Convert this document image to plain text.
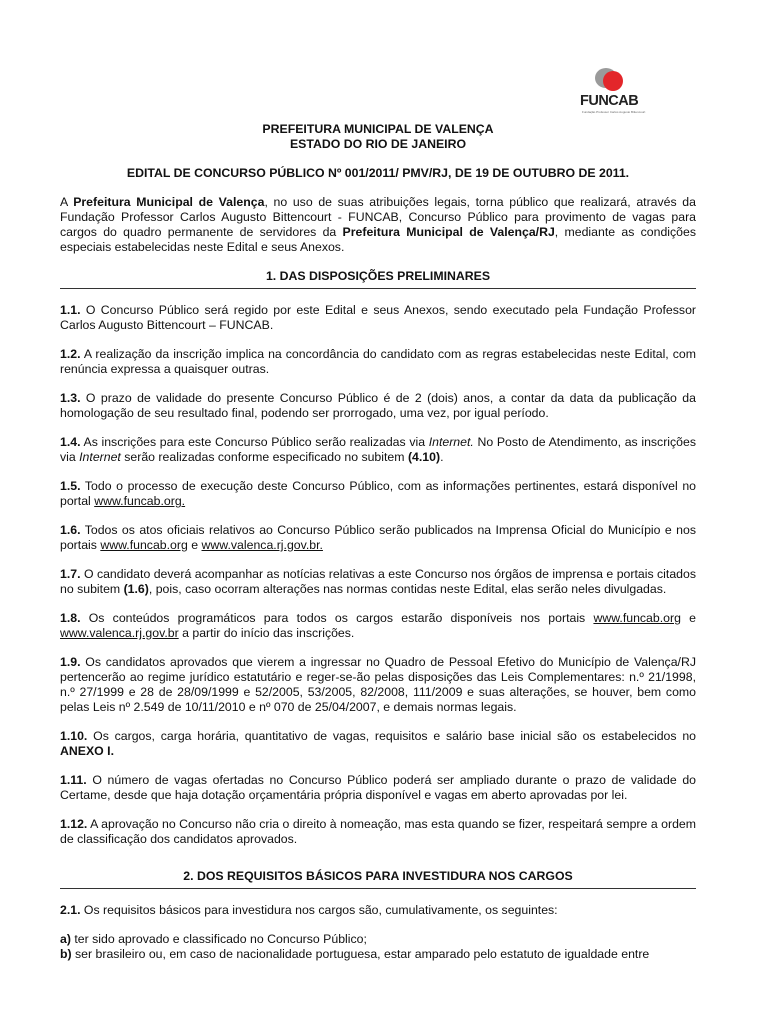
FUNCAB
Fundação Professor Carlos Augusto Bittencourt
PREFEITURA MUNICIPAL DE VALENÇA
ESTADO DO RIO DE JANEIRO
EDITAL DE CONCURSO PÚBLICO Nº 001/2011/ PMV/RJ, DE 19 DE OUTUBRO DE 2011.

A Prefeitura Municipal de Valença, no uso de suas atribuições legais, torna público que realizará, através da Fundação Professor Carlos Augusto Bittencourt - FUNCAB, Concurso Público para provimento de vagas para cargos do quadro permanente de servidores da Prefeitura Municipal de Valença/RJ, mediante as condições especiais estabelecidas neste Edital e seus Anexos.

1. DAS DISPOSIÇÕES PRELIMINARES

1.1. O Concurso Público será regido por este Edital e seus Anexos, sendo executado pela Fundação Professor Carlos Augusto Bittencourt – FUNCAB.

1.2. A realização da inscrição implica na concordância do candidato com as regras estabelecidas neste Edital, com renúncia expressa a quaisquer outras.

1.3. O prazo de validade do presente Concurso Público é de 2 (dois) anos, a contar da data da publicação da homologação de seu resultado final, podendo ser prorrogado, uma vez, por igual período.

1.4. As inscrições para este Concurso Público serão realizadas via Internet. No Posto de Atendimento, as inscrições via Internet serão realizadas conforme especificado no subitem (4.10).

1.5. Todo o processo de execução deste Concurso Público, com as informações pertinentes, estará disponível no portal www.funcab.org.

1.6. Todos os atos oficiais relativos ao Concurso Público serão publicados na Imprensa Oficial do Município e nos portais www.funcab.org e www.valenca.rj.gov.br.

1.7. O candidato deverá acompanhar as notícias relativas a este Concurso nos órgãos de imprensa e portais citados no subitem (1.6), pois, caso ocorram alterações nas normas contidas neste Edital, elas serão neles divulgadas.

1.8. Os conteúdos programáticos para todos os cargos estarão disponíveis nos portais www.funcab.org e www.valenca.rj.gov.br a partir do início das inscrições.

1.9. Os candidatos aprovados que vierem a ingressar no Quadro de Pessoal Efetivo do Município de Valença/RJ pertencerão ao regime jurídico estatutário e reger-se-ão pelas disposições das Leis Complementares: n.º 21/1998, n.º 27/1999 e 28 de 28/09/1999 e 52/2005, 53/2005, 82/2008, 111/2009 e suas alterações, se houver, bem como pelas Leis nº 2.549 de 10/11/2010 e nº 070 de 25/04/2007, e demais normas legais.

1.10. Os cargos, carga horária, quantitativo de vagas, requisitos e salário base inicial são os estabelecidos no ANEXO I.

1.11. O número de vagas ofertadas no Concurso Público poderá ser ampliado durante o prazo de validade do Certame, desde que haja dotação orçamentária própria disponível e vagas em aberto aprovadas por lei.

1.12. A aprovação no Concurso não cria o direito à nomeação, mas esta quando se fizer, respeitará sempre a ordem de classificação dos candidatos aprovados.

2. DOS REQUISITOS BÁSICOS PARA INVESTIDURA NOS CARGOS

2.1. Os requisitos básicos para investidura nos cargos são, cumulativamente, os seguintes:

a) ter sido aprovado e classificado no Concurso Público;

b) ser brasileiro ou, em caso de nacionalidade portuguesa, estar amparado pelo estatuto de igualdade entre
